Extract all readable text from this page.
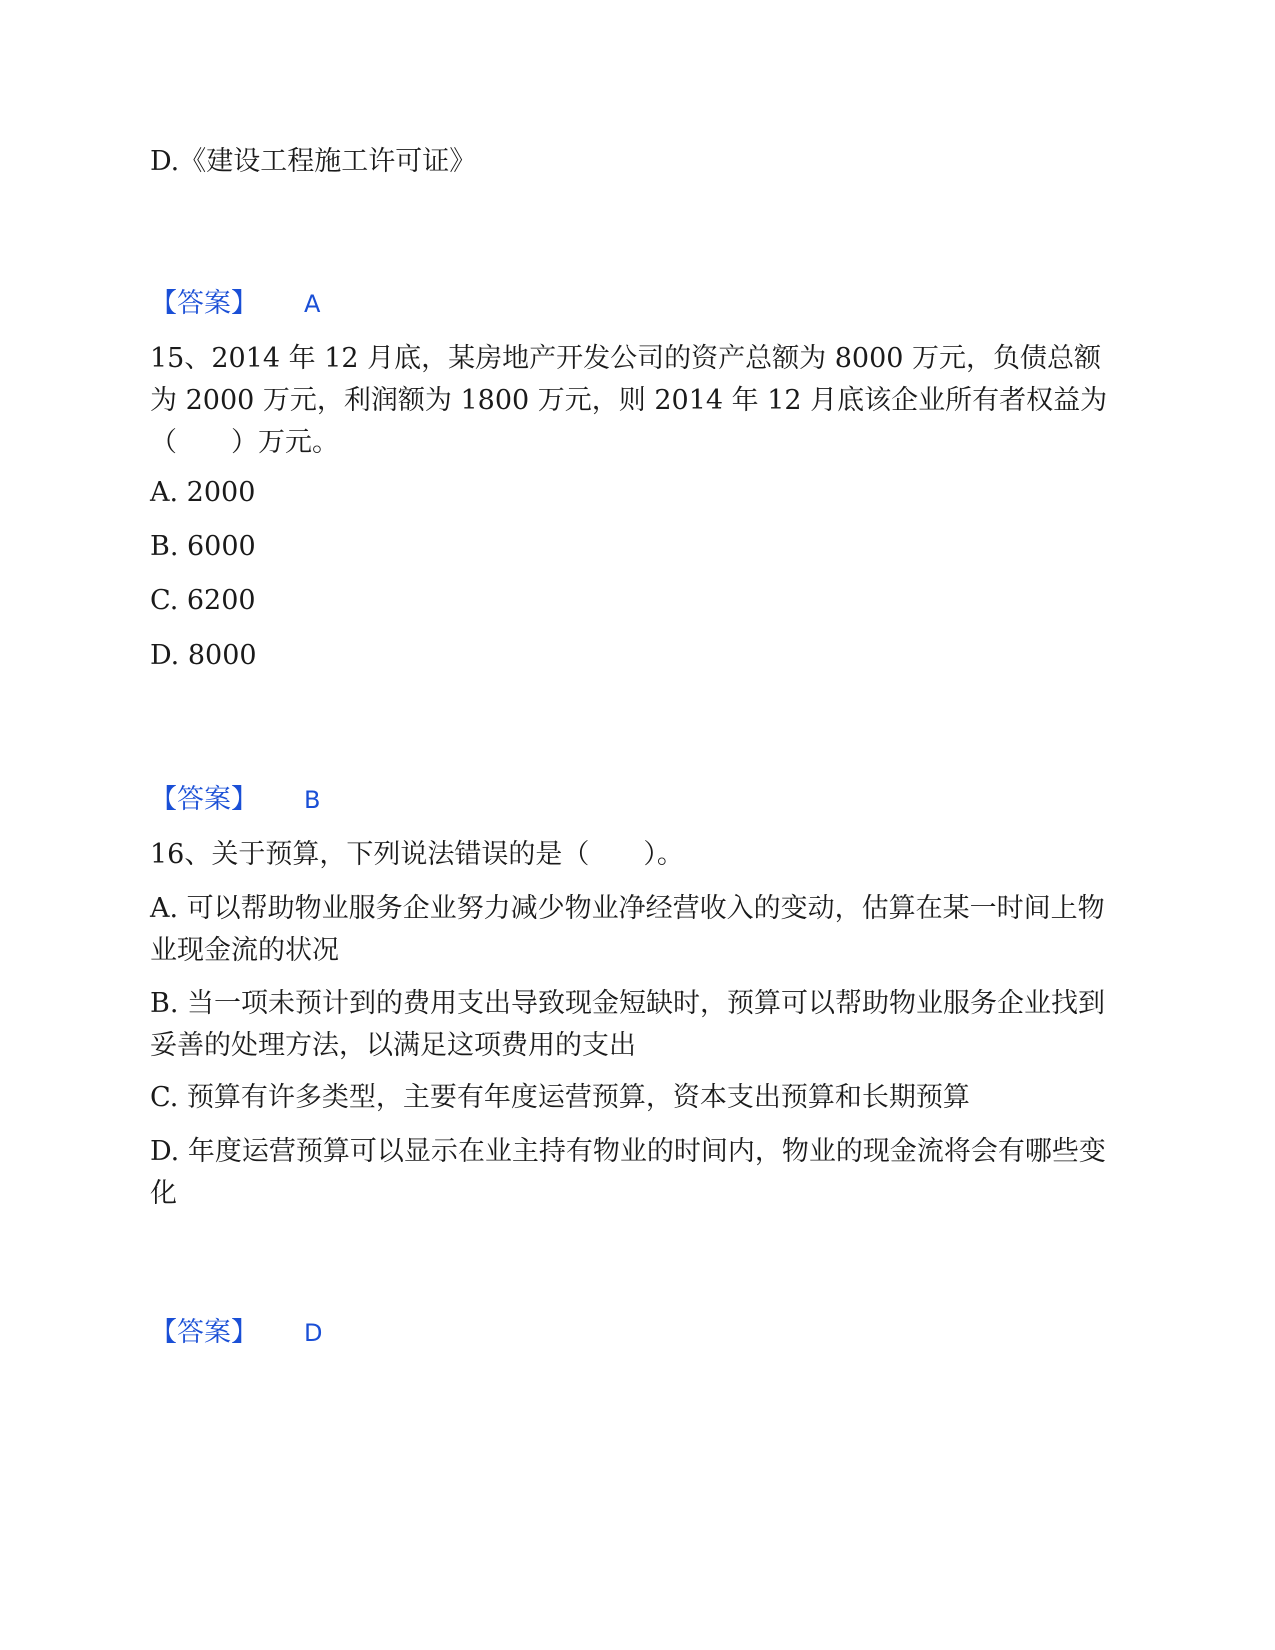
D.《建设工程施工许可证》
【答案】 A
15、2014 年 12 月底，某房地产开发公司的资产总额为 8000 万元，负债总额为 2000 万元，利润额为 1800 万元，则 2014 年 12 月底该企业所有者权益为（　　）万元。
A. 2000
B. 6000
C. 6200
D. 8000
【答案】 B
16、关于预算，下列说法错误的是（　　）。
A. 可以帮助物业服务企业努力减少物业净经营收入的变动，估算在某一时间上物业现金流的状况
B. 当一项未预计到的费用支出导致现金短缺时，预算可以帮助物业服务企业找到妥善的处理方法，以满足这项费用的支出
C. 预算有许多类型，主要有年度运营预算，资本支出预算和长期预算
D. 年度运营预算可以显示在业主持有物业的时间内，物业的现金流将会有哪些变化
【答案】 D
